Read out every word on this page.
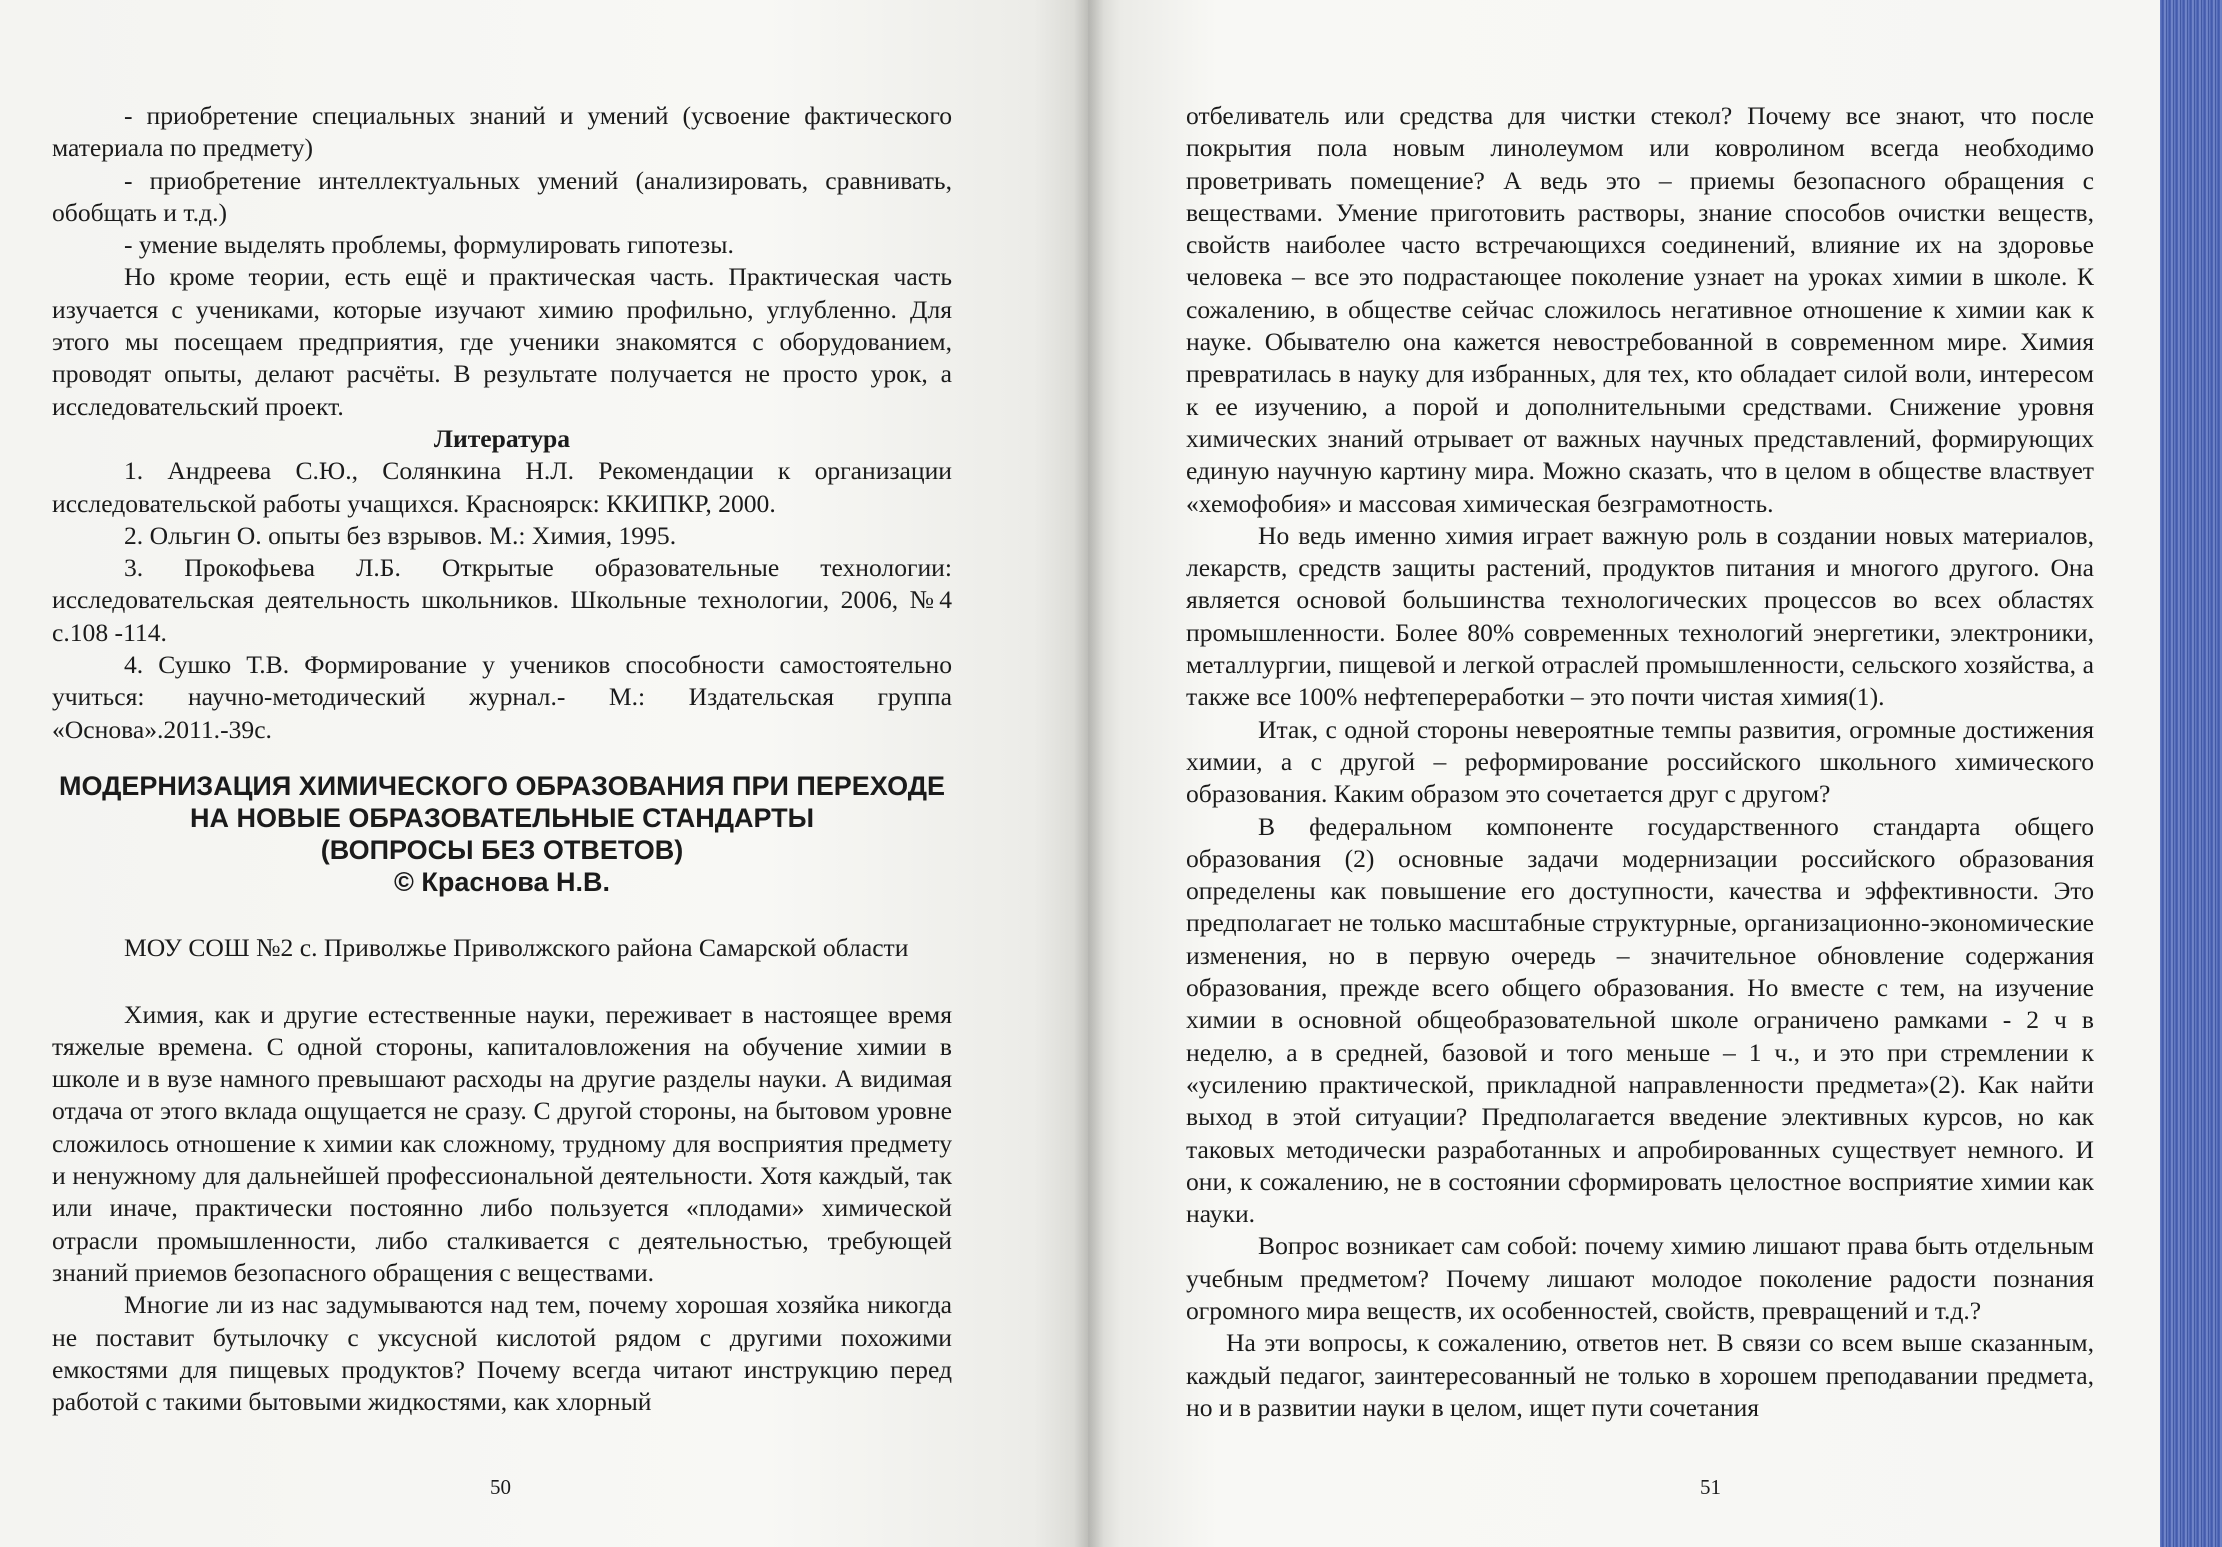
- приобретение специальных знаний и умений (усвоение фактического материала по предмету)

- приобретение интеллектуальных умений (анализировать, сравнивать, обобщать и т.д.)

- умение выделять проблемы, формулировать гипотезы.

Но кроме теории, есть ещё и практическая часть. Практическая часть изучается с учениками, которые изучают химию профильно, углубленно. Для этого мы посещаем предприятия, где ученики знакомятся с оборудованием, проводят опыты, делают расчёты. В результате получается не просто урок, а исследовательский проект.

Литература

1. Андреева С.Ю., Солянкина Н.Л. Рекомендации к организации исследовательской работы учащихся. Красноярск: ККИПКР, 2000.

2. Ольгин О. опыты без взрывов. М.: Химия, 1995.

3. Прокофьева Л.Б. Открытые образовательные технологии: исследовательская деятельность школьников. Школьные технологии, 2006, №4 с.108 -114.

4. Сушко Т.В. Формирование у учеников способности самостоятельно учиться: научно-методический журнал.- М.: Издательская группа «Основа».2011.-39с.

МОДЕРНИЗАЦИЯ ХИМИЧЕСКОГО ОБРАЗОВАНИЯ ПРИ ПЕРЕХОДЕ
НА НОВЫЕ ОБРАЗОВАТЕЛЬНЫЕ СТАНДАРТЫ
(ВОПРОСЫ БЕЗ ОТВЕТОВ)

© Краснова Н.В.

МОУ СОШ №2 с. Приволжье Приволжского района Самарской области

Химия, как и другие естественные науки, переживает в настоящее время тяжелые времена. С одной стороны, капиталовложения на обучение химии в школе и в вузе намного превышают расходы на другие разделы науки. А видимая отдача от этого вклада ощущается не сразу. С другой стороны, на бытовом уровне сложилось отношение к химии как сложному, трудному для восприятия предмету и ненужному для дальнейшей профессиональной деятельности. Хотя каждый, так или иначе, практически постоянно либо пользуется «плодами» химической отрасли промышленности, либо сталкивается с деятельностью, требующей знаний приемов безопасного обращения с веществами.

Многие ли из нас задумываются над тем, почему хорошая хозяйка никогда не поставит бутылочку с уксусной кислотой рядом с другими похожими емкостями для пищевых продуктов? Почему всегда читают инструкцию перед работой с такими бытовыми жидкостями, как хлорный

50

отбеливатель или средства для чистки стекол? Почему все знают, что после покрытия пола новым линолеумом или ковролином всегда необходимо проветривать помещение? А ведь это – приемы безопасного обращения с веществами. Умение приготовить растворы, знание способов очистки веществ, свойств наиболее часто встречающихся соединений, влияние их на здоровье человека – все это подрастающее поколение узнает на уроках химии в школе. К сожалению, в обществе сейчас сложилось негативное отношение к химии как к науке. Обывателю она кажется невостребованной в современном мире. Химия превратилась в науку для избранных, для тех, кто обладает силой воли, интересом к ее изучению, а порой и дополнительными средствами. Снижение уровня химических знаний отрывает от важных научных представлений, формирующих единую научную картину мира. Можно сказать, что в целом в обществе властвует «хемофобия» и массовая химическая безграмотность.

Но ведь именно химия играет важную роль в создании новых материалов, лекарств, средств защиты растений, продуктов питания и многого другого. Она является основой большинства технологических процессов во всех областях промышленности. Более 80% современных технологий энергетики, электроники, металлургии, пищевой и легкой отраслей промышленности, сельского хозяйства, а также все 100% нефтепереработки – это почти чистая химия(1).

Итак, с одной стороны невероятные темпы развития, огромные достижения химии, а с другой – реформирование российского школьного химического образования. Каким образом это сочетается друг с другом?

В федеральном компоненте государственного стандарта общего образования (2) основные задачи модернизации российского образования определены как повышение его доступности, качества и эффективности. Это предполагает не только масштабные структурные, организационно-экономические изменения, но в первую очередь – значительное обновление содержания образования, прежде всего общего образования. Но вместе с тем, на изучение химии в основной общеобразовательной школе ограничено рамками - 2 ч в неделю, а в средней, базовой и того меньше – 1 ч., и это при стремлении к «усилению практической, прикладной направленности предмета»(2). Как найти выход в этой ситуации? Предполагается введение элективных курсов, но как таковых методически разработанных и апробированных существует немного. И они, к сожалению, не в состоянии сформировать целостное восприятие химии как науки.

Вопрос возникает сам собой: почему химию лишают права быть отдельным учебным предметом? Почему лишают молодое поколение радости познания огромного мира веществ, их особенностей, свойств, превращений и т.д.?

На эти вопросы, к сожалению, ответов нет. В связи со всем выше сказанным, каждый педагог, заинтересованный не только в хорошем преподавании предмета, но и в развитии науки в целом, ищет пути сочетания

51
